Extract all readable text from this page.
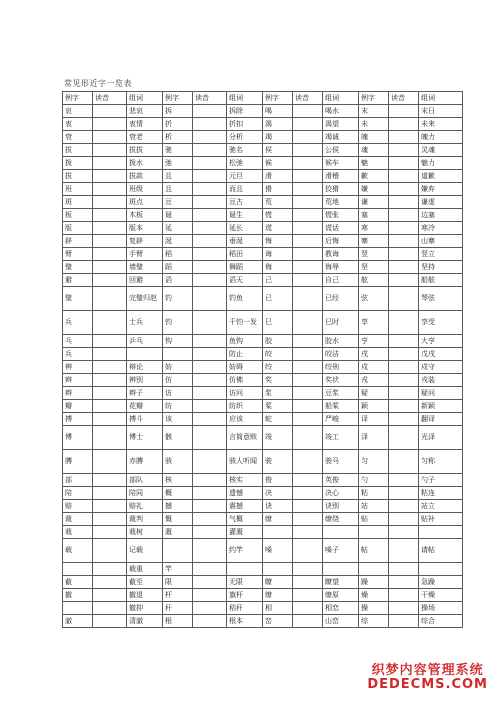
常见形近字一览表
例字	读音	组词	例字	读音	组词	例字	读音	组词	例字	读音	组词
哀		悲哀	拆		拆除	喝		喝水	末		末日
衷		衷情	折		折扣	渴		渴望	未		未来
衰		衰老	析		分析	竭		竭诚	魄		魄力
拔		拔拔	驰		驰名	侯		公侯	魂		灵魂
拨		拨水	弛		松弛	候		候车	魅		魅力
拔		拔款	且		元旦	滑		滑稽	歉		道歉
班		班级	且		而且	猾		狡猾	嫌		嫌弃
斑		斑点	亘		亘古	荒		荒地	谦		谦虚
板		木板	诞		诞生	慌		慌张	塞		边塞
版		版本	延		延长	谎		谎话	寒		寒冷
辟		复辟	涎		垂涎	悔		后悔	寨		山寨
臂		手臂	稻		稻田	诲		教诲	竖		竖立
璧		墙璧	蹈		舞蹈	侮		侮辱	坚		坚持
避		回避	滔		滔天	己		自己	舷		船舷
璧		完璧归赵	钓		钓鱼	已		已经	弦		琴弦
兵		士兵	钧		千钧一发	巳		巳时	享		享受
乓		乒乓	钩		鱼钩	胶		胶水	亨		大亨
兵					防止	皎		皎洁	戌		戊戌
辨		辩论	妨		妨碍	绞		绞刑	戍		戍守
辫		辨别	仿		仿佛	奖		奖状	戎		戎装
辫		辫子	访		访问	浆		豆浆	疑		疑问
瓣		花瓣	纺		纺织	桨		船桨	颖		新颖
搏		搏斗	该		应该	蛇		严峻	译		翻译
博		博士	骸		言简意赅	竣		竣工	泽		光泽
膊		赤膊	骇		骇人听闻	骏		骏马	匀		匀称
部		部队	核		核实	俊		英俊	勺		勺子
陪		陪同	概		遗憾	决		决心	粘		粘连
赔		赔礼	撼		震撼	诀		诀别	站		站立
裁		裁判	慨		气概	缭		缭绕	贴		贴补
栽		栽树	溉		灌溉						
载		记载			约竿	嗓		嗓子	帖		请帖
		载重	竿								
截		截至	限		无限	瞭		瞭望	躁		急躁
撤		撤退	杆		旗杆	缭		缭原	燥		干燥
		撤抑	秆		秸秆	相		相恋	操		操场
澈		清澈	根		根本	峦		山峦	综		综合
织梦内容管理系统
DEDECMS.COM
